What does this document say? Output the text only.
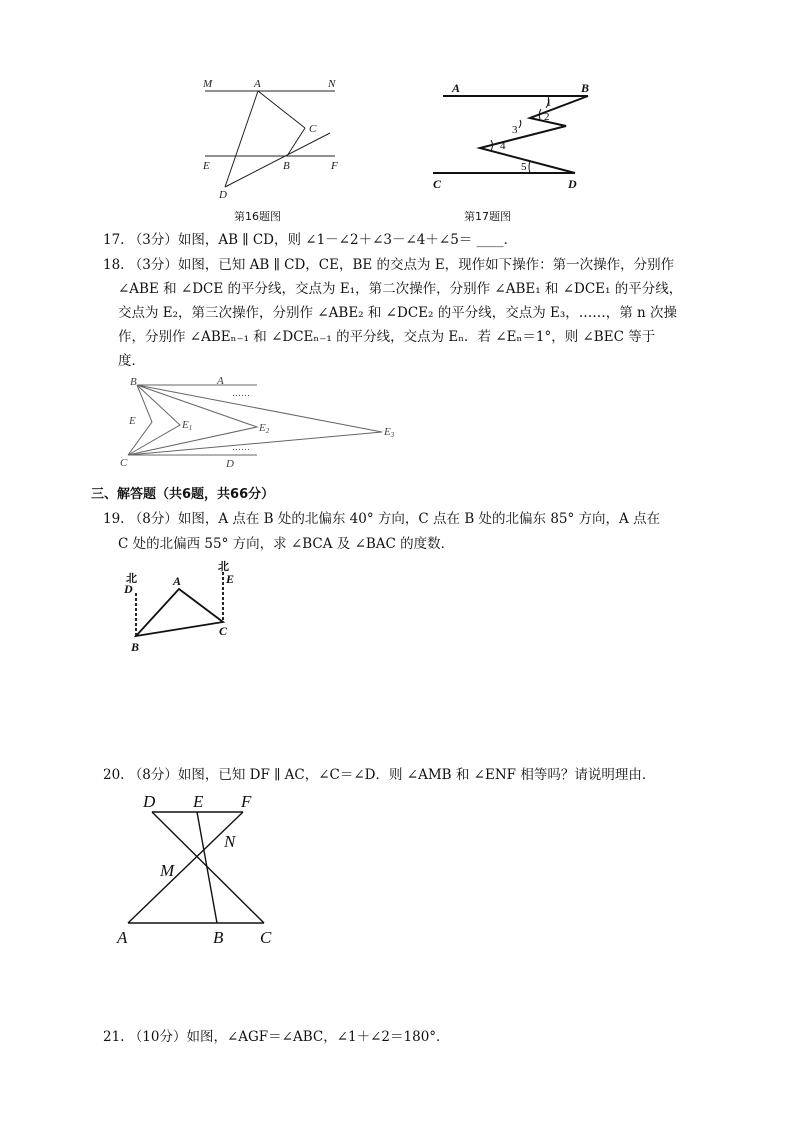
M	A	N
C
E	B	F
D
第16题图
A	B
C	D
1
2
3
4
5
第17题图
17. （3分）如图，AB ∥ CD，则 ∠1－∠2＋∠3－∠4＋∠5＝ ____．
18. （3分）如图，已知 AB ∥ CD，CE，BE 的交点为 E，现作如下操作：第一次操作，分别作
∠ABE 和 ∠DCE 的平分线，交点为 E₁，第二次操作，分别作 ∠ABE₁ 和 ∠DCE₁ 的平分线，
交点为 E₂，第三次操作，分别作 ∠ABE₂ 和 ∠DCE₂ 的平分线，交点为 E₃，……，第 n 次操
作，分别作 ∠ABEₙ₋₁ 和 ∠DCEₙ₋₁ 的平分线，交点为 Eₙ．若 ∠Eₙ＝1°，则 ∠BEC 等于
度．
B	A
E	E1	E2	E3
C	D
……
……
三、解答题（共6题，共66分）
19. （8分）如图，A 点在 B 处的北偏东 40° 方向，C 点在 B 处的北偏东 85° 方向，A 点在
C 处的北偏西 55° 方向，求 ∠BCA 及 ∠BAC 的度数．
北
D
A
北
E
B
C
20. （8分）如图，已知 DF ∥ AC，∠C＝∠D．则 ∠AMB 和 ∠ENF 相等吗？请说明理由．
D E F
N
M
A	B C
21. （10分）如图，∠AGF＝∠ABC，∠1＋∠2＝180°．
